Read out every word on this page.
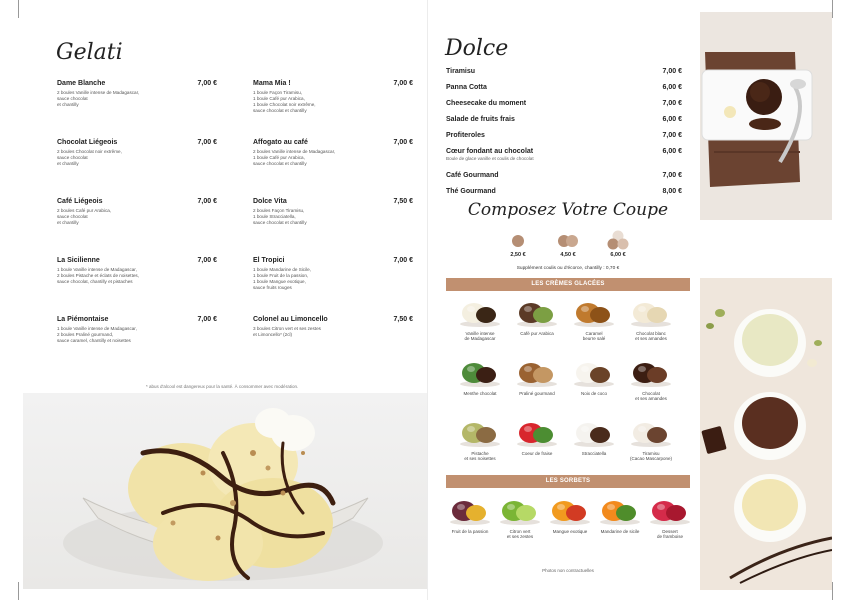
Gelati
Dame Blanche	7,00 €
2 boules Vanille intense de Madagascar,
sauce chocolat
et chantilly
Chocolat Liégeois	7,00 €
2 boules Chocolat noir extrême,
sauce chocolat
et chantilly
Café Liégeois	7,00 €
2 boules Café pur Arabica,
sauce chocolat
et chantilly
La Sicilienne	7,00 €
1 boule Vanille intense de Madagascar,
2 boules Pistache et éclats de noisettes,
sauce chocolat, chantilly et pistaches
La Piémontaise	7,00 €
1 boule Vanille intense de Madagascar,
2 boules Praliné gourmand,
sauce caramel, chantilly et noisettes
Mama Mia !	7,00 €
1 boule Façon Tiramisu,
1 boule Café pur Arabica,
1 boule Chocolat noir extrême,
sauce chocolat et chantilly
Affogato au café	7,00 €
2 boules Vanille intense de Madagascar,
1 boule Café pur Arabica,
sauce chocolat et chantilly
Dolce Vita	7,50 €
2 boules Façon Tiramisu,
1 boule Stracciatella,
sauce chocolat et chantilly
El Tropici	7,00 €
1 boule Mandarine de Sicile,
1 boule Fruit de la passion,
1 boule Mangue exotique,
sauce fruits rouges
Colonel au Limoncello	7,50 €
3 boules Citron vert et ses zestes
et Limoncello* (2cl)
* abus d'alcool est dangereux pour la santé. À consommer avec modération.
Dolce
Tiramisu	7,00 €
Panna Cotta	6,00 €
Cheesecake du moment	7,00 €
Salade de fruits frais	6,00 €
Profiteroles	7,00 €
Cœur fondant au chocolat	6,00 €
Boule de glace vanille et coulis de chocolat
Café Gourmand	7,00 €
Thé Gourmand	8,00 €
Composez Votre Coupe
2,50 €	4,50 €	6,00 €
Supplément coulis ou d'écorce, chantilly : 0,70 €
LES CRÈMES GLACÉES
Vanille intense
de Madagascar
Café pur Arabica	Caramel
beurre salé
Chocolat blanc
et ses amandes
Menthe chocolat	Praliné gourmand	Noix de coco	Chocolat
et ses amandes
Pistache
et ses noisettes
Coeur de fraise	Stracciatella	Tiramisu
(Cacao Mascarpone)
LES SORBETS
Fruit de la passion	Citron vert
et ses zestes
Mangue exotique	Mandarine de sicile	Dessert
de framboise
Photos non contractuelles
